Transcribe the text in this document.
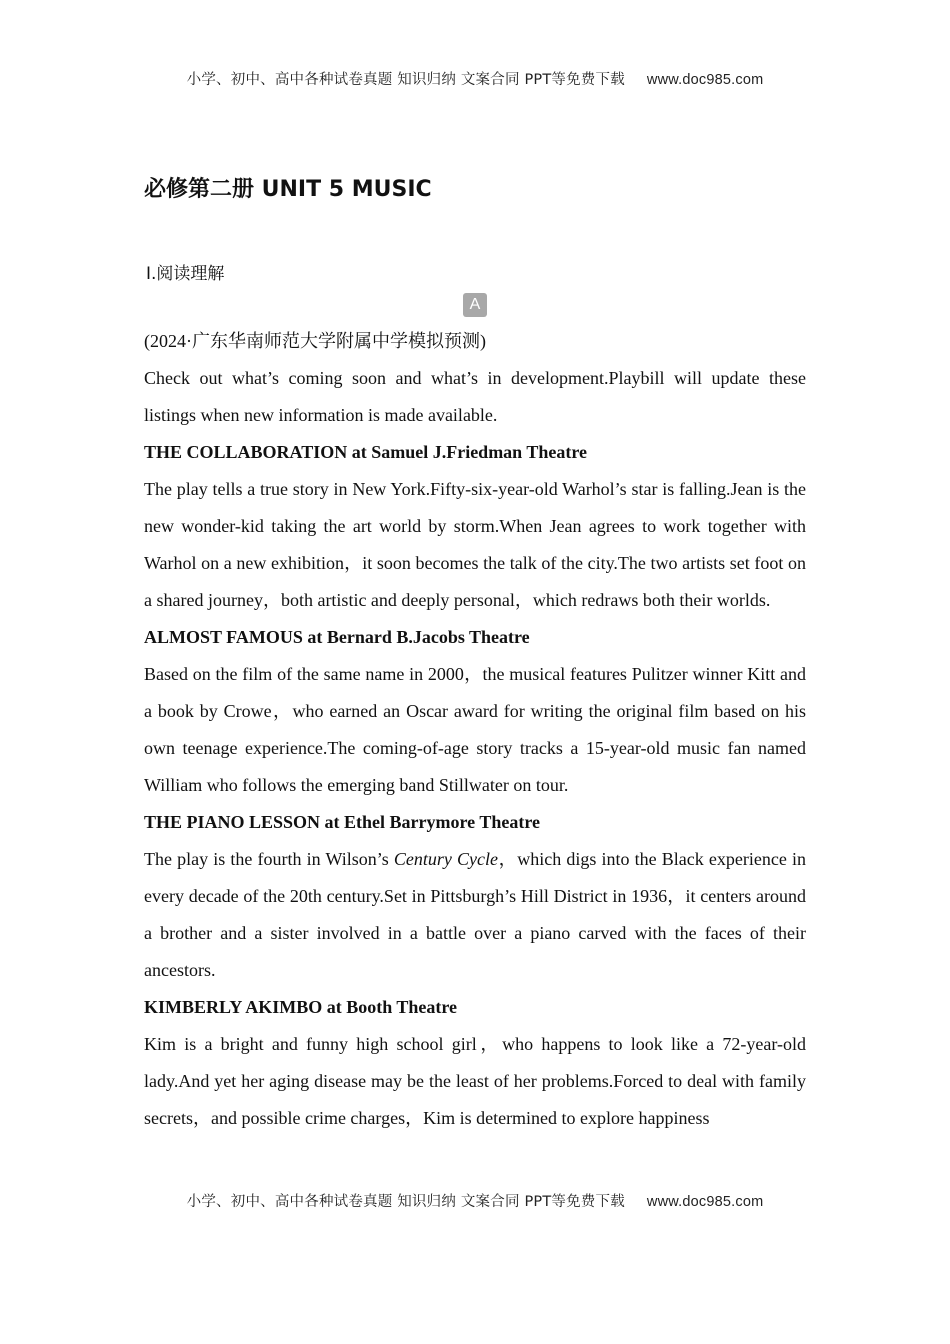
小学、初中、高中各种试卷真题 知识归纳 文案合同 PPT等免费下载 www.doc985.com
必修第二册 UNIT 5 MUSIC
Ⅰ.阅读理解
A

(2024·广东华南师范大学附属中学模拟预测)

Check out what’s coming soon and what’s in development.Playbill will update these listings when new information is made available.

THE COLLABORATION at Samuel J.Friedman Theatre

The play tells a true story in New York.Fifty-six-year-old Warhol’s star is falling.Jean is the new wonder-kid taking the art world by storm.When Jean agrees to work together with Warhol on a new exhibition，it soon becomes the talk of the city.The two artists set foot on a shared journey，both artistic and deeply personal，which redraws both their worlds.

ALMOST FAMOUS at Bernard B.Jacobs Theatre

Based on the film of the same name in 2000，the musical features Pulitzer winner Kitt and a book by Crowe，who earned an Oscar award for writing the original film based on his own teenage experience.The coming-of-age story tracks a 15-year-old music fan named William who follows the emerging band Stillwater on tour.

THE PIANO LESSON at Ethel Barrymore Theatre

The play is the fourth in Wilson’s Century Cycle，which digs into the Black experience in every decade of the 20th century.Set in Pittsburgh’s Hill District in 1936，it centers around a brother and a sister involved in a battle over a piano carved with the faces of their ancestors.

KIMBERLY AKIMBO at Booth Theatre

Kim is a bright and funny high school girl，who happens to look like a 72-year-old lady.And yet her aging disease may be the least of her problems.Forced to deal with family secrets，and possible crime charges，Kim is determined to explore happiness

小学、初中、高中各种试卷真题 知识归纳 文案合同 PPT等免费下载 www.doc985.com
